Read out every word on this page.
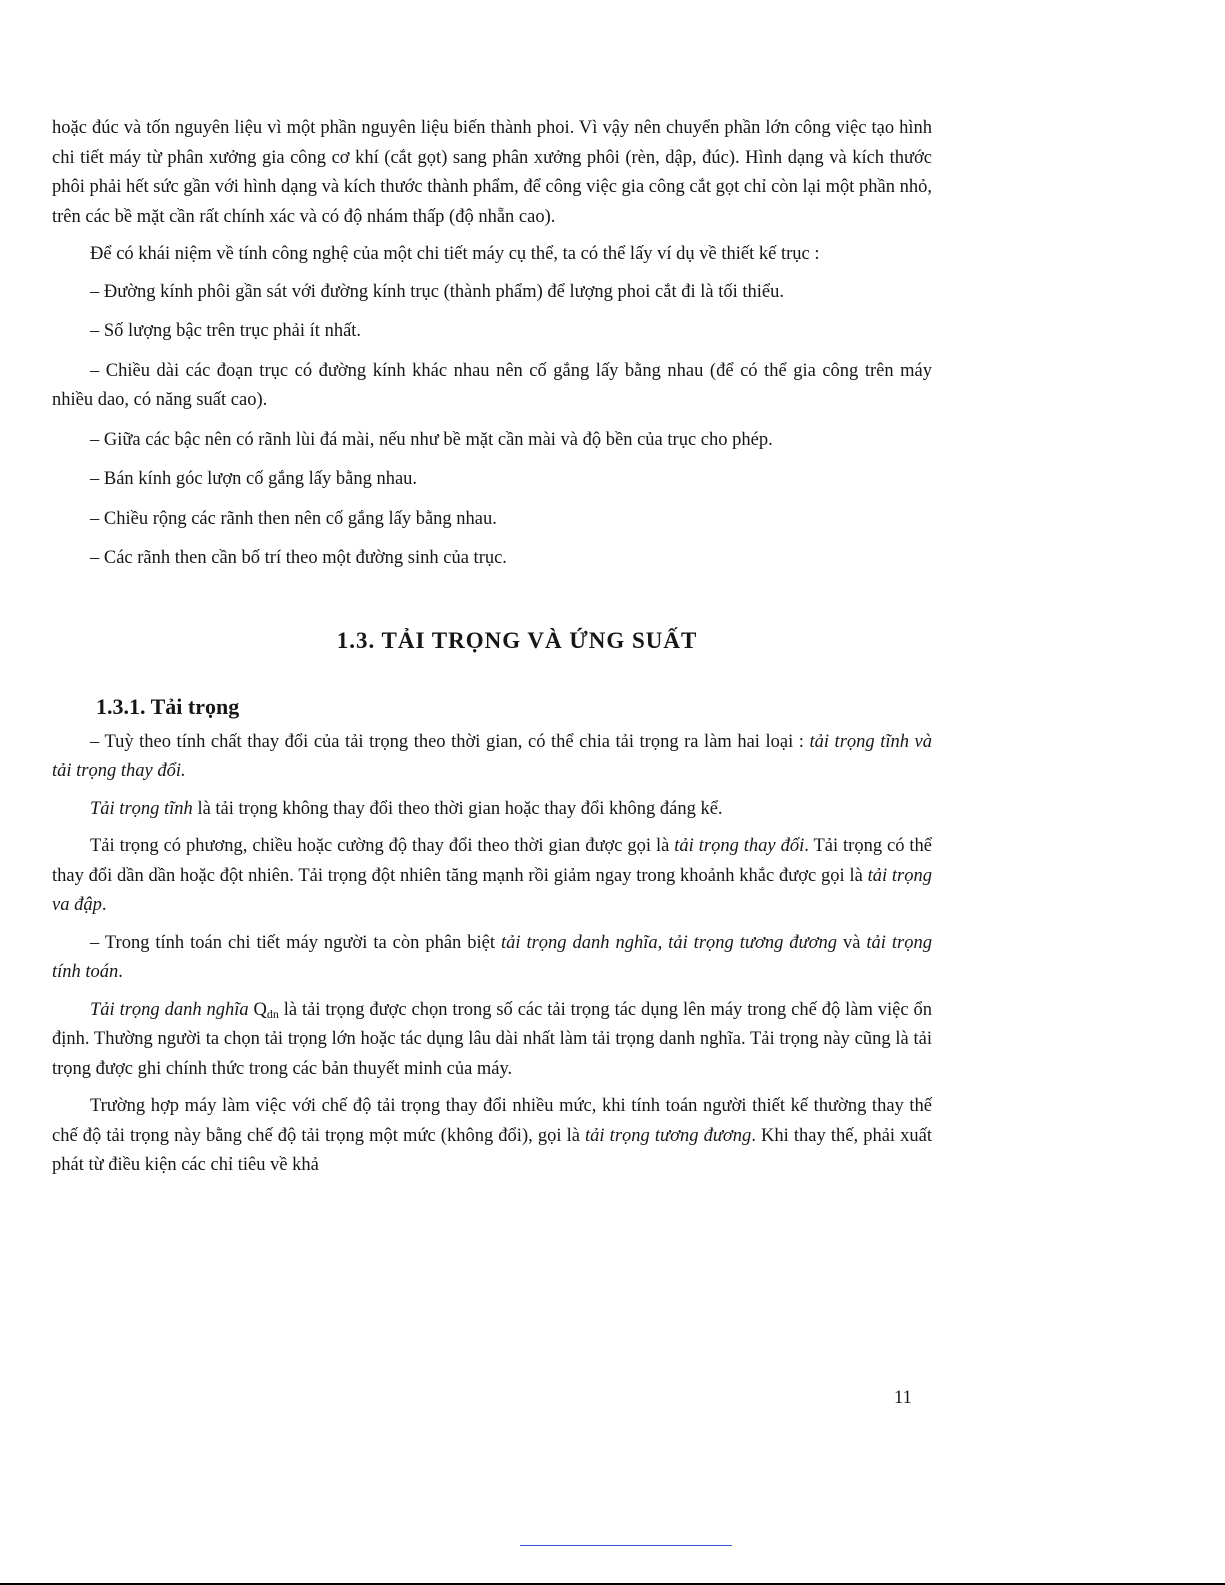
hoặc đúc và tốn nguyên liệu vì một phần nguyên liệu biến thành phoi. Vì vậy nên chuyển phần lớn công việc tạo hình chi tiết máy từ phân xưởng gia công cơ khí (cắt gọt) sang phân xưởng phôi (rèn, dập, đúc). Hình dạng và kích thước phôi phải hết sức gần với hình dạng và kích thước thành phẩm, để công việc gia công cắt gọt chỉ còn lại một phần nhỏ, trên các bề mặt cần rất chính xác và có độ nhám thấp (độ nhẵn cao).

Để có khái niệm về tính công nghệ của một chi tiết máy cụ thể, ta có thể lấy ví dụ về thiết kế trục :

– Đường kính phôi gần sát với đường kính trục (thành phẩm) để lượng phoi cắt đi là tối thiểu.

– Số lượng bậc trên trục phải ít nhất.

– Chiều dài các đoạn trục có đường kính khác nhau nên cố gắng lấy bằng nhau (để có thể gia công trên máy nhiều dao, có năng suất cao).

– Giữa các bậc nên có rãnh lùi đá mài, nếu như bề mặt cần mài và độ bền của trục cho phép.

– Bán kính góc lượn cố gắng lấy bằng nhau.

– Chiều rộng các rãnh then nên cố gắng lấy bằng nhau.

– Các rãnh then cần bố trí theo một đường sinh của trục.

1.3. TẢI TRỌNG VÀ ỨNG SUẤT
1.3.1. Tải trọng

– Tuỳ theo tính chất thay đổi của tải trọng theo thời gian, có thể chia tải trọng ra làm hai loại : tải trọng tĩnh và tải trọng thay đổi.

Tải trọng tĩnh là tải trọng không thay đổi theo thời gian hoặc thay đổi không đáng kể.

Tải trọng có phương, chiều hoặc cường độ thay đổi theo thời gian được gọi là tải trọng thay đổi. Tải trọng có thể thay đổi dần dần hoặc đột nhiên. Tải trọng đột nhiên tăng mạnh rồi giảm ngay trong khoảnh khắc được gọi là tải trọng va đập.

– Trong tính toán chi tiết máy người ta còn phân biệt tải trọng danh nghĩa, tải trọng tương đương và tải trọng tính toán.

Tải trọng danh nghĩa $Q_{dn}$ là tải trọng được chọn trong số các tải trọng tác dụng lên máy trong chế độ làm việc ổn định. Thường người ta chọn tải trọng lớn hoặc tác dụng lâu dài nhất làm tải trọng danh nghĩa. Tải trọng này cũng là tải trọng được ghi chính thức trong các bản thuyết minh của máy.

Trường hợp máy làm việc với chế độ tải trọng thay đổi nhiều mức, khi tính toán người thiết kế thường thay thế chế độ tải trọng này bằng chế độ tải trọng một mức (không đổi), gọi là tải trọng tương đương. Khi thay thế, phải xuất phát từ điều kiện các chỉ tiêu về khả

11
